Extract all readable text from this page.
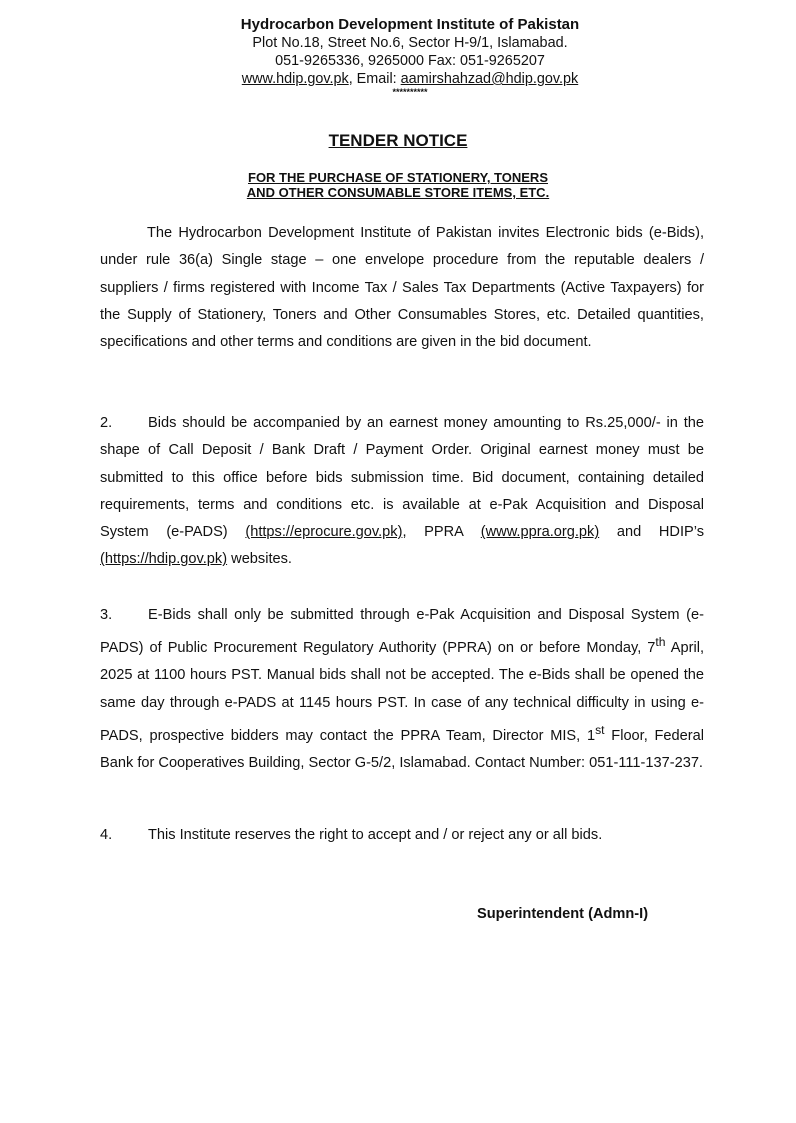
Hydrocarbon Development Institute of Pakistan
Plot No.18, Street No.6, Sector H-9/1, Islamabad.
051-9265336, 9265000 Fax: 051-9265207
www.hdip.gov.pk, Email: aamirshahzad@hdip.gov.pk
**********
TENDER NOTICE
FOR THE PURCHASE OF STATIONERY, TONERS
AND OTHER CONSUMABLE STORE ITEMS, ETC.
The Hydrocarbon Development Institute of Pakistan invites Electronic bids (e-Bids), under rule 36(a) Single stage – one envelope procedure from the reputable dealers / suppliers / firms registered with Income Tax / Sales Tax Departments (Active Taxpayers) for the Supply of Stationery, Toners and Other Consumables Stores, etc. Detailed quantities, specifications and other terms and conditions are given in the bid document.
2. Bids should be accompanied by an earnest money amounting to Rs.25,000/- in the shape of Call Deposit / Bank Draft / Payment Order. Original earnest money must be submitted to this office before bids submission time. Bid document, containing detailed requirements, terms and conditions etc. is available at e-Pak Acquisition and Disposal System (e-PADS) (https://eprocure.gov.pk), PPRA (www.ppra.org.pk) and HDIP’s (https://hdip.gov.pk) websites.
3. E-Bids shall only be submitted through e-Pak Acquisition and Disposal System (e-PADS) of Public Procurement Regulatory Authority (PPRA) on or before Monday, 7th April, 2025 at 1100 hours PST. Manual bids shall not be accepted. The e-Bids shall be opened the same day through e-PADS at 1145 hours PST. In case of any technical difficulty in using e-PADS, prospective bidders may contact the PPRA Team, Director MIS, 1st Floor, Federal Bank for Cooperatives Building, Sector G-5/2, Islamabad. Contact Number: 051-111-137-237.
4. This Institute reserves the right to accept and / or reject any or all bids.
Superintendent (Admn-I)
